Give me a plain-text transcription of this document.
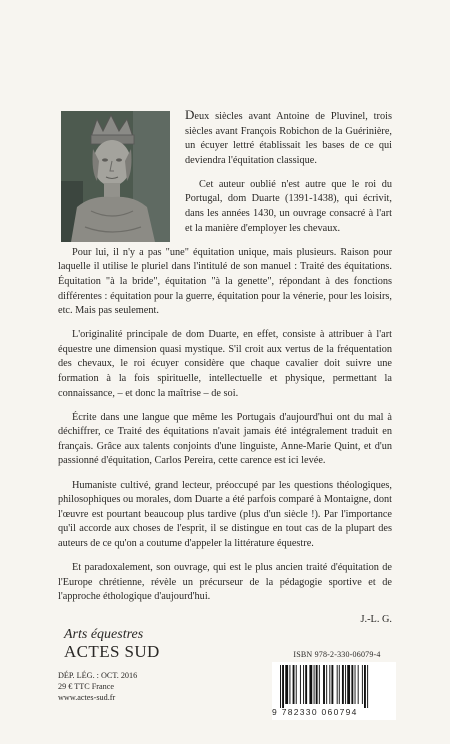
Deux siècles avant Antoine de Pluvinel, trois siècles avant François Robichon de la Guérinière, un écuyer lettré établissait les bases de ce qui deviendra l'équitation classique.

Cet auteur oublié n'est autre que le roi du Portugal, dom Duarte (1391-1438), qui écrivit, dans les années 1430, un ouvrage consacré à l'art et la manière d'employer les chevaux.

Pour lui, il n'y a pas "une" équitation unique, mais plusieurs. Raison pour laquelle il utilise le pluriel dans l'intitulé de son manuel : Traité des équitations. Équitation "à la bride", équitation "à la genette", répondant à des fonctions différentes : équitation pour la guerre, équitation pour la vénerie, pour les loisirs, etc. Mais pas seulement.

L'originalité principale de dom Duarte, en effet, consiste à attribuer à l'art équestre une dimension quasi mystique. S'il croit aux vertus de la fréquentation des chevaux, le roi écuyer considère que chaque cavalier doit suivre une formation à la fois spirituelle, intellectuelle et physique, permettant la connaissance, – et donc la maîtrise – de soi.

Écrite dans une langue que même les Portugais d'aujourd'hui ont du mal à déchiffrer, ce Traité des équitations n'avait jamais été intégralement traduit en français. Grâce aux talents conjoints d'une linguiste, Anne-Marie Quint, et d'un passionné d'équitation, Carlos Pereira, cette carence est ici levée.

Humaniste cultivé, grand lecteur, préoccupé par les questions théologiques, philosophiques ou morales, dom Duarte a été parfois comparé à Montaigne, dont l'œuvre est pourtant beaucoup plus tardive (plus d'un siècle !). Par l'importance qu'il accorde aux choses de l'esprit, il se distingue en tout cas de la plupart des auteurs de ce qu'on a coutume d'appeler la littérature équestre.

Et paradoxalement, son ouvrage, qui est le plus ancien traité d'équitation de l'Europe chrétienne, révèle un précurseur de la pédagogie sportive et de l'approche éthologique d'aujourd'hui.

J.-L. G.

Arts équestres

ACTES SUD

DÉP. LÉG. : OCT. 2016

29 € TTC France

www.actes-sud.fr

ISBN 978-2-330-06079-4

9 782330 060794
